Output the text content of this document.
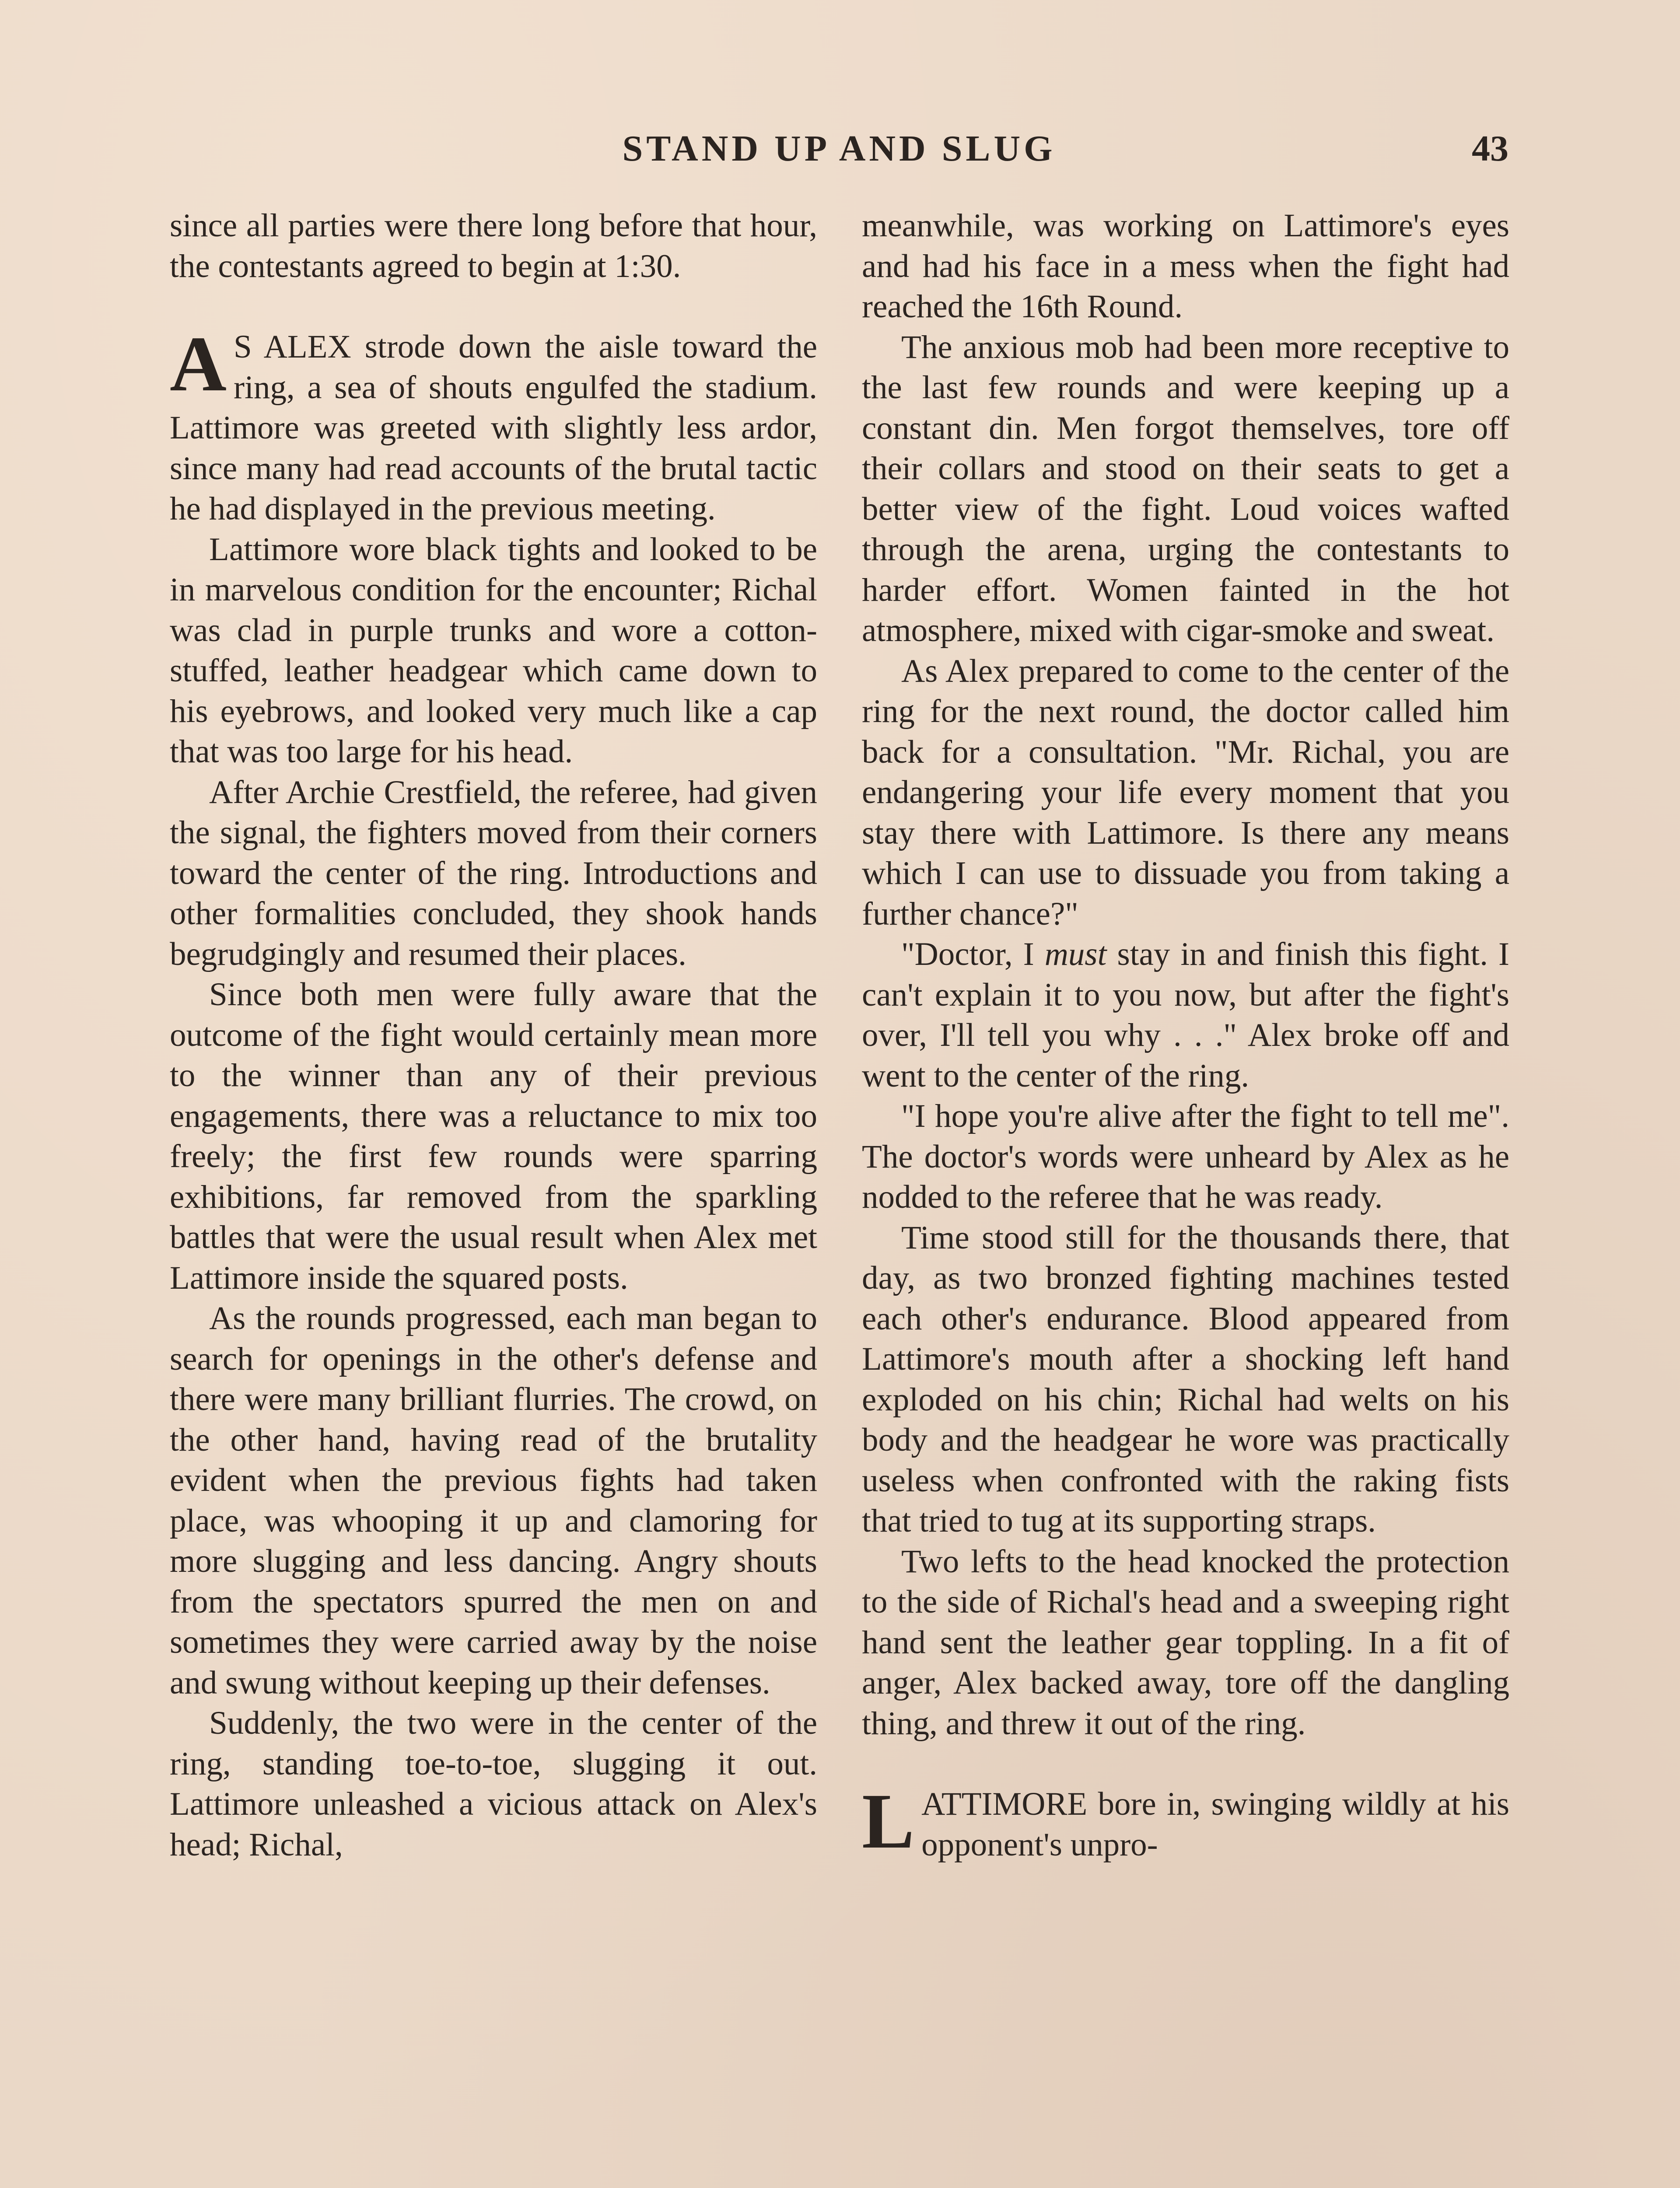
STAND UP AND SLUG	43

since all parties were there long before that hour, the contestants agreed to begin at 1:30.

A S ALEX strode down the aisle toward the ring, a sea of shouts engulfed the stadium. Lattimore was greeted with slightly less ardor, since many had read accounts of the brutal tactic he had displayed in the previous meeting.

Lattimore wore black tights and looked to be in marvelous condition for the encounter; Richal was clad in purple trunks and wore a cotton-stuffed, leather headgear which came down to his eyebrows, and looked very much like a cap that was too large for his head.

After Archie Crestfield, the referee, had given the signal, the fighters moved from their corners toward the center of the ring. Introductions and other formalities concluded, they shook hands begrudgingly and resumed their places.

Since both men were fully aware that the outcome of the fight would certainly mean more to the winner than any of their previous engagements, there was a reluctance to mix too freely; the first few rounds were sparring exhibitions, far removed from the sparkling battles that were the usual result when Alex met Lattimore inside the squared posts.

As the rounds progressed, each man began to search for openings in the other's defense and there were many brilliant flurries. The crowd, on the other hand, having read of the brutality evident when the previous fights had taken place, was whooping it up and clamoring for more slugging and less dancing. Angry shouts from the spectators spurred the men on and sometimes they were carried away by the noise and swung without keeping up their defenses.

Suddenly, the two were in the center of the ring, standing toe-to-toe, slugging it out. Lattimore unleashed a vicious attack on Alex's head; Richal,

meanwhile, was working on Lattimore's eyes and had his face in a mess when the fight had reached the 16th Round.

The anxious mob had been more receptive to the last few rounds and were keeping up a constant din. Men forgot themselves, tore off their collars and stood on their seats to get a better view of the fight. Loud voices wafted through the arena, urging the contestants to harder effort. Women fainted in the hot atmosphere, mixed with cigar-smoke and sweat.

As Alex prepared to come to the center of the ring for the next round, the doctor called him back for a consultation. "Mr. Richal, you are endangering your life every moment that you stay there with Lattimore. Is there any means which I can use to dissuade you from taking a further chance?"

"Doctor, I must stay in and finish this fight. I can't explain it to you now, but after the fight's over, I'll tell you why . . ." Alex broke off and went to the center of the ring.

"I hope you're alive after the fight to tell me". The doctor's words were unheard by Alex as he nodded to the referee that he was ready.

Time stood still for the thousands there, that day, as two bronzed fighting machines tested each other's endurance. Blood appeared from Lattimore's mouth after a shocking left hand exploded on his chin; Richal had welts on his body and the headgear he wore was practically useless when confronted with the raking fists that tried to tug at its supporting straps.

Two lefts to the head knocked the protection to the side of Richal's head and a sweeping right hand sent the leather gear toppling. In a fit of anger, Alex backed away, tore off the dangling thing, and threw it out of the ring.

LATTIMORE bore in, swinging wildly at his opponent's unpro-
